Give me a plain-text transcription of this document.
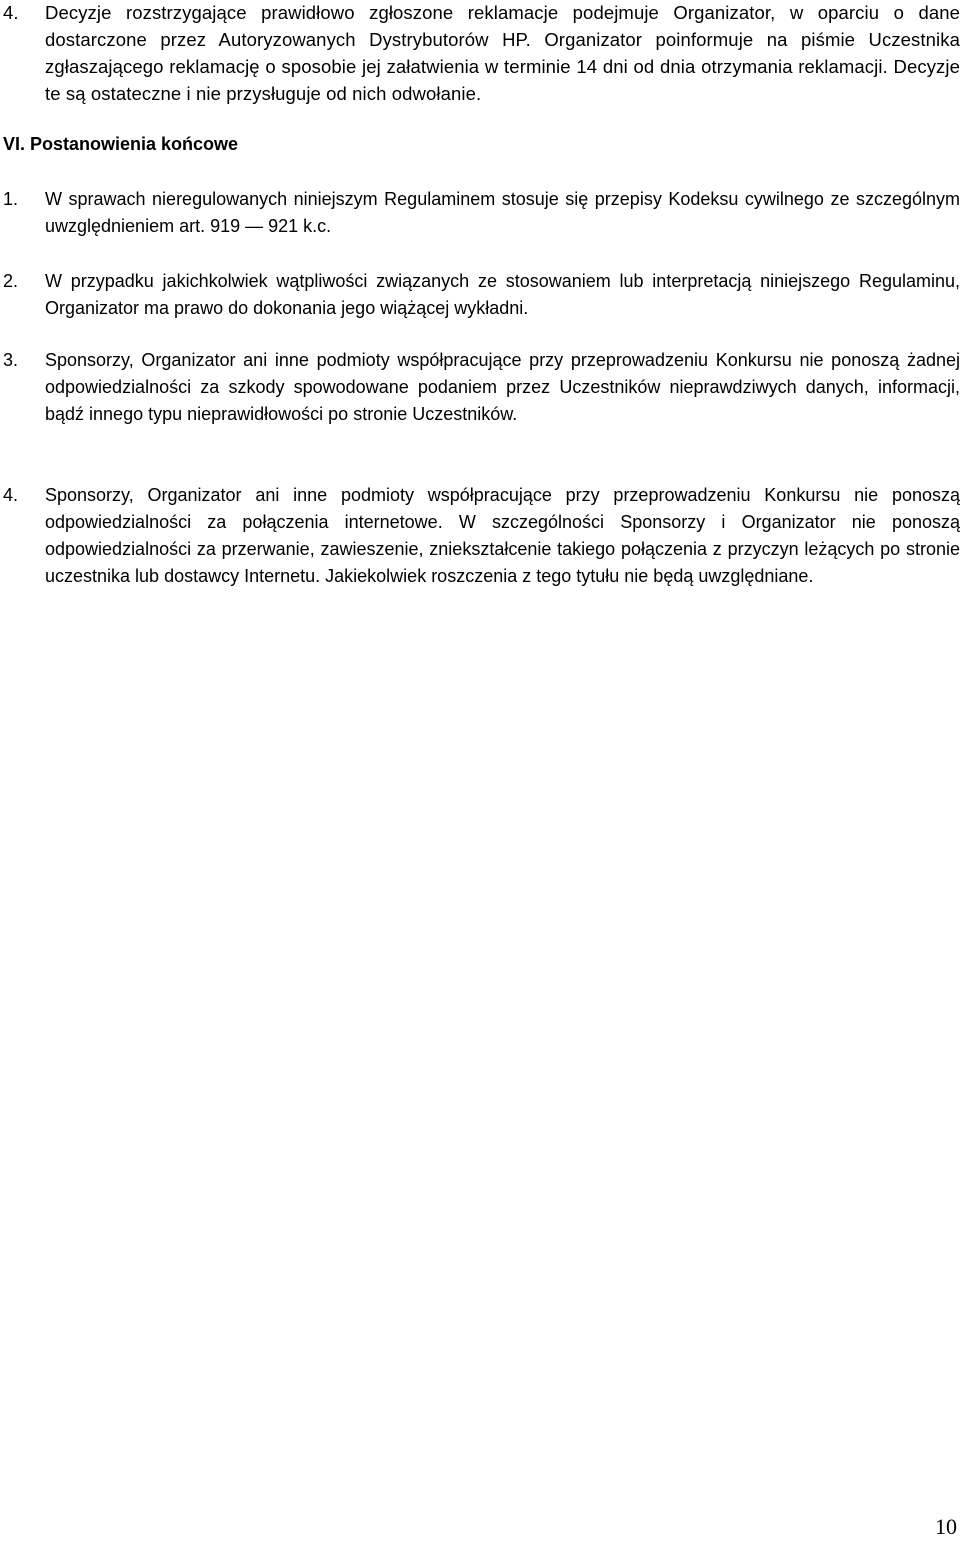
4. Decyzje rozstrzygające prawidłowo zgłoszone reklamacje podejmuje Organizator, w oparciu o dane dostarczone przez Autoryzowanych Dystrybutorów HP. Organizator poinformuje na piśmie Uczestnika zgłaszającego reklamację o sposobie jej załatwienia w terminie 14 dni od dnia otrzymania reklamacji. Decyzje te są ostateczne i nie przysługuje od nich odwołanie.
VI. Postanowienia końcowe
1. W sprawach nieregulowanych niniejszym Regulaminem stosuje się przepisy Kodeksu cywilnego ze szczególnym uwzględnieniem art. 919 — 921 k.c.
2. W przypadku jakichkolwiek wątpliwości związanych ze stosowaniem lub interpretacją niniejszego Regulaminu, Organizator ma prawo do dokonania jego wiążącej wykładni.
3. Sponsorzy, Organizator ani inne podmioty współpracujące przy przeprowadzeniu Konkursu nie ponoszą żadnej odpowiedzialności za szkody spowodowane podaniem przez Uczestników nieprawdziwych danych, informacji, bądź innego typu nieprawidłowości po stronie Uczestników.
4. Sponsorzy, Organizator ani inne podmioty współpracujące przy przeprowadzeniu Konkursu nie ponoszą odpowiedzialności za połączenia internetowe. W szczególności Sponsorzy i Organizator nie ponoszą odpowiedzialności za przerwanie, zawieszenie, zniekształcenie takiego połączenia z przyczyn leżących po stronie uczestnika lub dostawcy Internetu. Jakiekolwiek roszczenia z tego tytułu nie będą uwzględniane.
10
